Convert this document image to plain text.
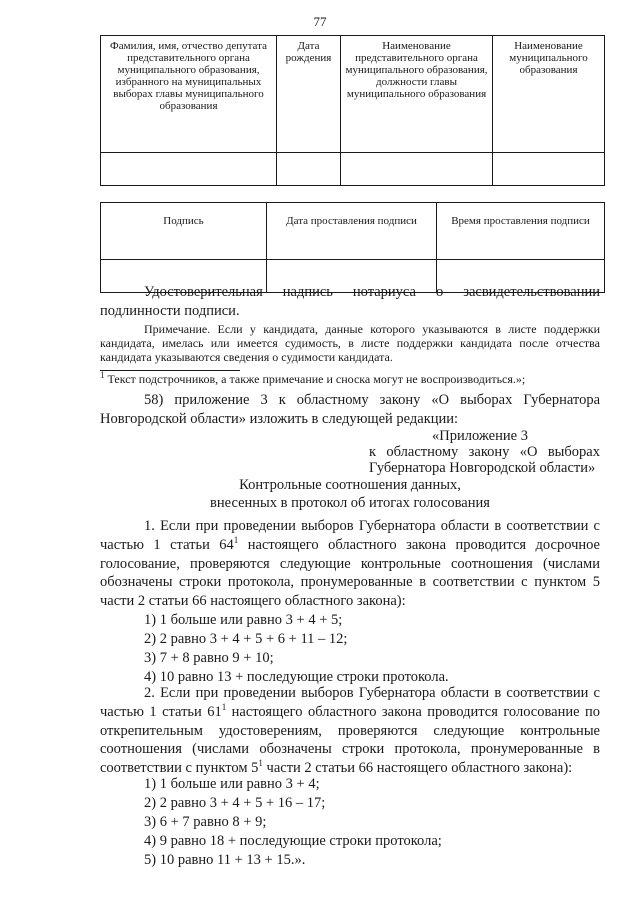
77
Фамилия, имя, отчество депутата представительного органа муниципального образования, избранного на муниципальных выборах главы муниципального образования	Дата рождения	Наименование представительного органа муниципального образования, должности главы муниципального образования	Наименование муниципального образования

Подпись	Дата проставления подписи	Время проставления подписи

Удостоверительная надпись нотариуса о засвидетельствовании подлинности подписи.
Примечание. Если у кандидата, данные которого указываются в листе поддержки кандидата, имелась или имеется судимость, в листе поддержки кандидата после отчества кандидата указываются сведения о судимости кандидата.
$^1$ Текст подстрочников, а также примечание и сноска могут не воспроизводиться.»;
58) приложение 3 к областному закону «О выборах Губернатора Новгородской области» изложить в следующей редакции:
«Приложение 3
к областному закону «О выборах
Губернатора Новгородской области»
Контрольные соотношения данных,
внесенных в протокол об итогах голосования
1. Если при проведении выборов Губернатора области в соответствии с частью 1 статьи $64^1$ настоящего областного закона проводится досрочное голосование, проверяются следующие контрольные соотношения (числами обозначены строки протокола, пронумерованные в соответствии с пунктом 5 части 2 статьи 66 настоящего областного закона):
1) 1 больше или равно 3 + 4 + 5;
2) 2 равно 3 + 4 + 5 + 6 + 11 – 12;
3) 7 + 8 равно 9 + 10;
4) 10 равно 13 + последующие строки протокола.
2. Если при проведении выборов Губернатора области в соответствии с частью 1 статьи $61^1$ настоящего областного закона проводится голосование по открепительным удостоверениям, проверяются следующие контрольные соотношения (числами обозначены строки протокола, пронумерованные в соответствии с пунктом $5^1$ части 2 статьи 66 настоящего областного закона):
1) 1 больше или равно 3 + 4;
2) 2 равно 3 + 4 + 5 + 16 – 17;
3) 6 + 7 равно 8 + 9;
4) 9 равно 18 + последующие строки протокола;
5) 10 равно 11 + 13 + 15.».
